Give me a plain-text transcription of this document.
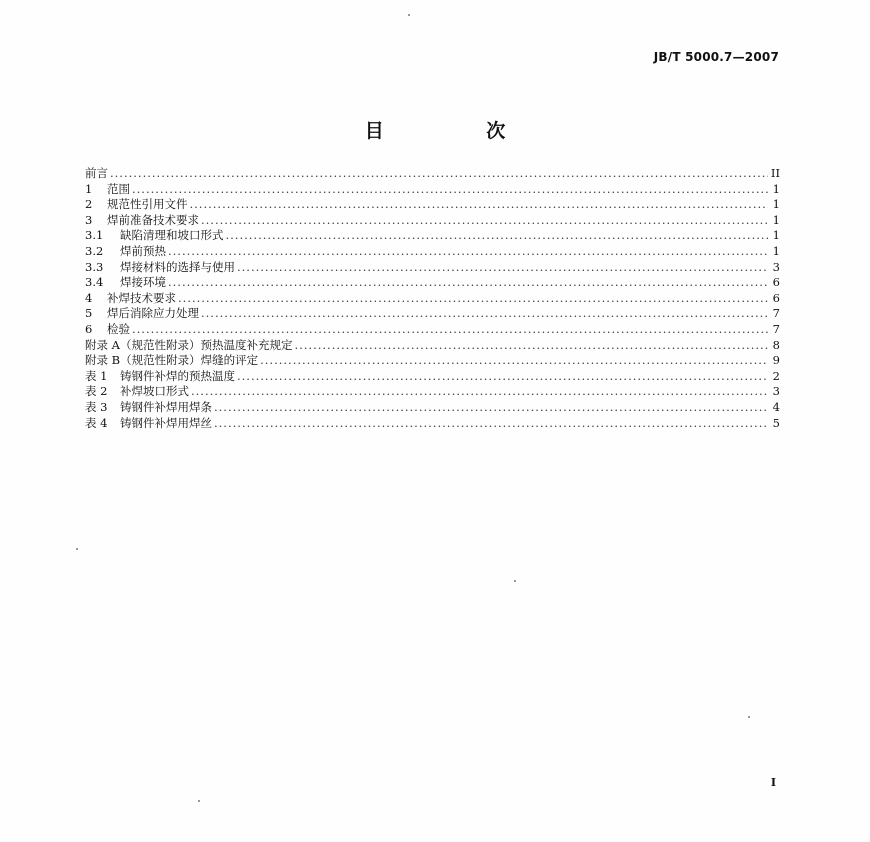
JB/T 5000.7—2007
目 次
前言 .....	II
1	范围 .....	1
2	规范性引用文件 .....	1
3	焊前准备技术要求 .....	1
3.1	缺陷清理和坡口形式 .....	1
3.2	焊前预热 .....	1
3.3	焊接材料的选择与使用 .....	3
3.4	焊接环境 .....	6
4	补焊技术要求 .....	6
5	焊后消除应力处理 .....	7
6	检验 .....	7
附录 A（规范性附录）预热温度补充规定 .....	8
附录 B（规范性附录）焊缝的评定 .....	9
表 1	铸钢件补焊的预热温度 .....	2
表 2	补焊坡口形式 .....	3
表 3	铸钢件补焊用焊条 .....	4
表 4	铸钢件补焊用焊丝 .....	5
I
